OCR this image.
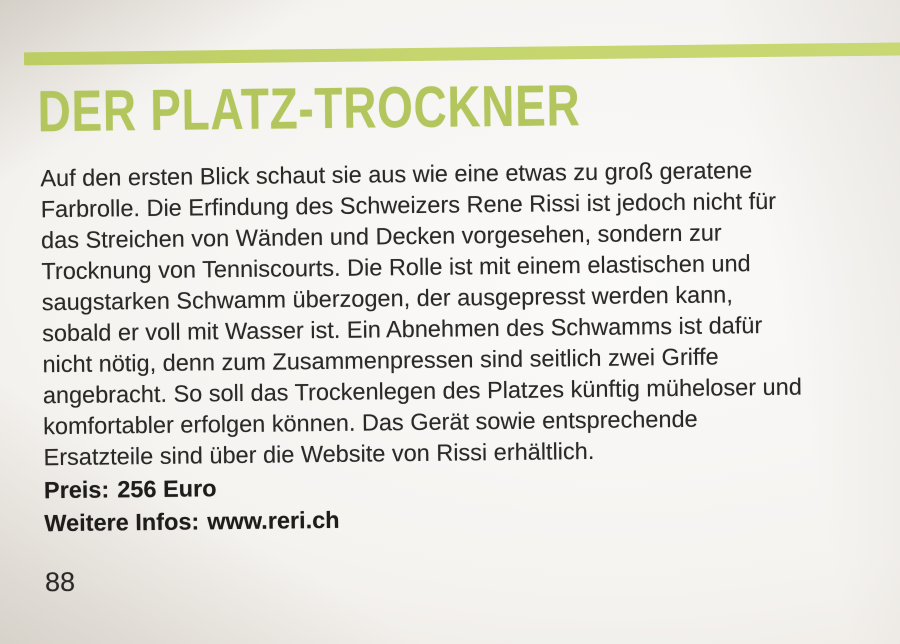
DER PLATZ-TROCKNER
Auf den ersten Blick schaut sie aus wie eine etwas zu groß geratene
Farbrolle. Die Erfindung des Schweizers Rene Rissi ist jedoch nicht für
das Streichen von Wänden und Decken vorgesehen, sondern zur
Trocknung von Tenniscourts. Die Rolle ist mit einem elastischen und
saugstarken Schwamm überzogen, der ausgepresst werden kann,
sobald er voll mit Wasser ist. Ein Abnehmen des Schwamms ist dafür
nicht nötig, denn zum Zusammenpressen sind seitlich zwei Griffe
angebracht. So soll das Trockenlegen des Platzes künftig müheloser und
komfortabler erfolgen können. Das Gerät sowie entsprechende
Ersatzteile sind über die Website von Rissi erhältlich.
Preis: 256 Euro
Weitere Infos: www.reri.ch
88
